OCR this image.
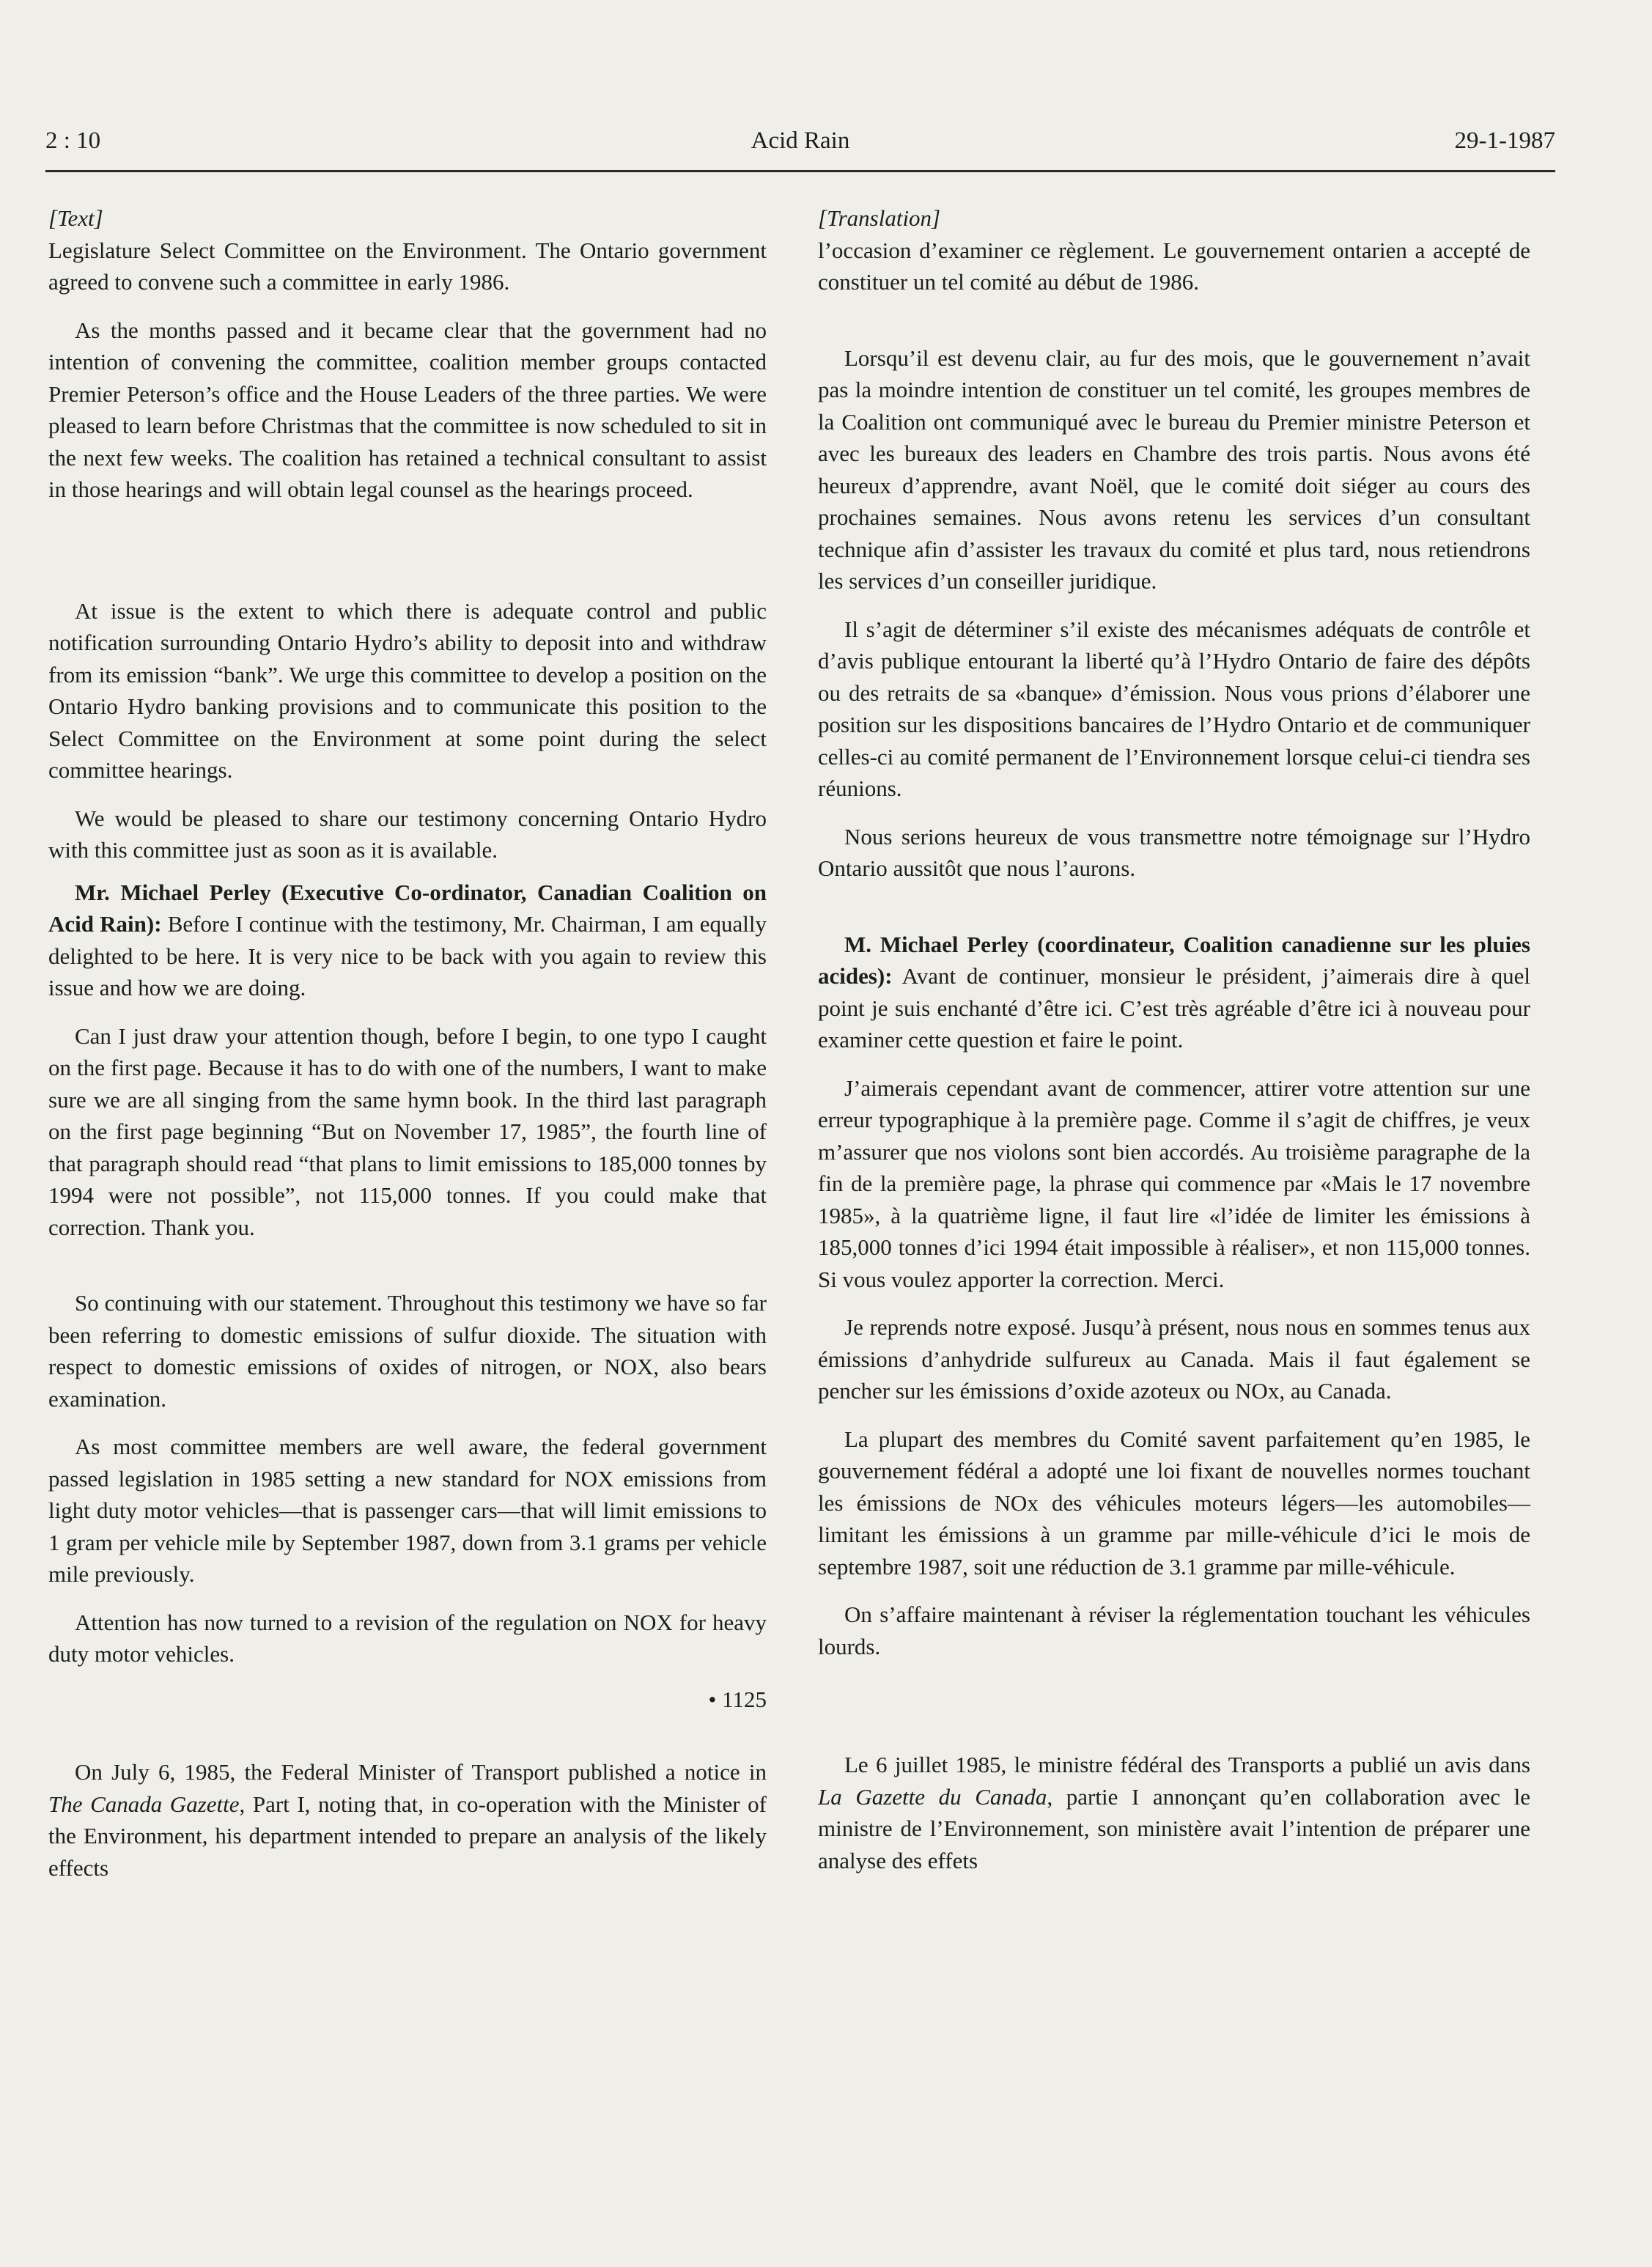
2 : 10	Acid Rain	29-1-1987

[Text]

Legislature Select Committee on the Environment. The Ontario government agreed to convene such a committee in early 1986.

As the months passed and it became clear that the government had no intention of convening the committee, coalition member groups contacted Premier Peterson’s office and the House Leaders of the three parties. We were pleased to learn before Christmas that the committee is now scheduled to sit in the next few weeks. The coalition has retained a technical consultant to assist in those hearings and will obtain legal counsel as the hearings proceed.

At issue is the extent to which there is adequate control and public notification surrounding Ontario Hydro’s ability to deposit into and withdraw from its emission “bank”. We urge this committee to develop a position on the Ontario Hydro banking provisions and to communicate this position to the Select Committee on the Environment at some point during the select committee hearings.

We would be pleased to share our testimony concerning Ontario Hydro with this committee just as soon as it is available.

Mr. Michael Perley (Executive Co-ordinator, Canadian Coalition on Acid Rain): Before I continue with the testimony, Mr. Chairman, I am equally delighted to be here. It is very nice to be back with you again to review this issue and how we are doing.

Can I just draw your attention though, before I begin, to one typo I caught on the first page. Because it has to do with one of the numbers, I want to make sure we are all singing from the same hymn book. In the third last paragraph on the first page beginning “But on November 17, 1985”, the fourth line of that paragraph should read “that plans to limit emissions to 185,000 tonnes by 1994 were not possible”, not 115,000 tonnes. If you could make that correction. Thank you.

So continuing with our statement. Throughout this testimony we have so far been referring to domestic emissions of sulfur dioxide. The situation with respect to domestic emissions of oxides of nitrogen, or NOX, also bears examination.

As most committee members are well aware, the federal government passed legislation in 1985 setting a new standard for NOX emissions from light duty motor vehicles—that is passenger cars—that will limit emissions to 1 gram per vehicle mile by September 1987, down from 3.1 grams per vehicle mile previously.

Attention has now turned to a revision of the regulation on NOX for heavy duty motor vehicles.

• 1125

On July 6, 1985, the Federal Minister of Transport published a notice in The Canada Gazette, Part I, noting that, in co-operation with the Minister of the Environment, his department intended to prepare an analysis of the likely effects

[Translation]

l’occasion d’examiner ce règlement. Le gouvernement ontarien a accepté de constituer un tel comité au début de 1986.

Lorsqu’il est devenu clair, au fur des mois, que le gouvernement n’avait pas la moindre intention de constituer un tel comité, les groupes membres de la Coalition ont communiqué avec le bureau du Premier ministre Peterson et avec les bureaux des leaders en Chambre des trois partis. Nous avons été heureux d’apprendre, avant Noël, que le comité doit siéger au cours des prochaines semaines. Nous avons retenu les services d’un consultant technique afin d’assister les travaux du comité et plus tard, nous retiendrons les services d’un conseiller juridique.

Il s’agit de déterminer s’il existe des mécanismes adéquats de contrôle et d’avis publique entourant la liberté qu’à l’Hydro Ontario de faire des dépôts ou des retraits de sa «banque» d’émission. Nous vous prions d’élaborer une position sur les dispositions bancaires de l’Hydro Ontario et de communiquer celles-ci au comité permanent de l’Environnement lorsque celui-ci tiendra ses réunions.

Nous serions heureux de vous transmettre notre témoignage sur l’Hydro Ontario aussitôt que nous l’aurons.

M. Michael Perley (coordinateur, Coalition canadienne sur les pluies acides): Avant de continuer, monsieur le président, j’aimerais dire à quel point je suis enchanté d’être ici. C’est très agréable d’être ici à nouveau pour examiner cette question et faire le point.

J’aimerais cependant avant de commencer, attirer votre attention sur une erreur typographique à la première page. Comme il s’agit de chiffres, je veux m’assurer que nos violons sont bien accordés. Au troisième paragraphe de la fin de la première page, la phrase qui commence par «Mais le 17 novembre 1985», à la quatrième ligne, il faut lire «l’idée de limiter les émissions à 185,000 tonnes d’ici 1994 était impossible à réaliser», et non 115,000 tonnes. Si vous voulez apporter la correction. Merci.

Je reprends notre exposé. Jusqu’à présent, nous nous en sommes tenus aux émissions d’anhydride sulfureux au Canada. Mais il faut également se pencher sur les émissions d’oxide azoteux ou NOx, au Canada.

La plupart des membres du Comité savent parfaitement qu’en 1985, le gouvernement fédéral a adopté une loi fixant de nouvelles normes touchant les émissions de NOx des véhicules moteurs légers—les automobiles—limitant les émissions à un gramme par mille-véhicule d’ici le mois de septembre 1987, soit une réduction de 3.1 gramme par mille-véhicule.

On s’affaire maintenant à réviser la réglementation touchant les véhicules lourds.

Le 6 juillet 1985, le ministre fédéral des Transports a publié un avis dans La Gazette du Canada, partie I annonçant qu’en collaboration avec le ministre de l’Environnement, son ministère avait l’intention de préparer une analyse des effets
